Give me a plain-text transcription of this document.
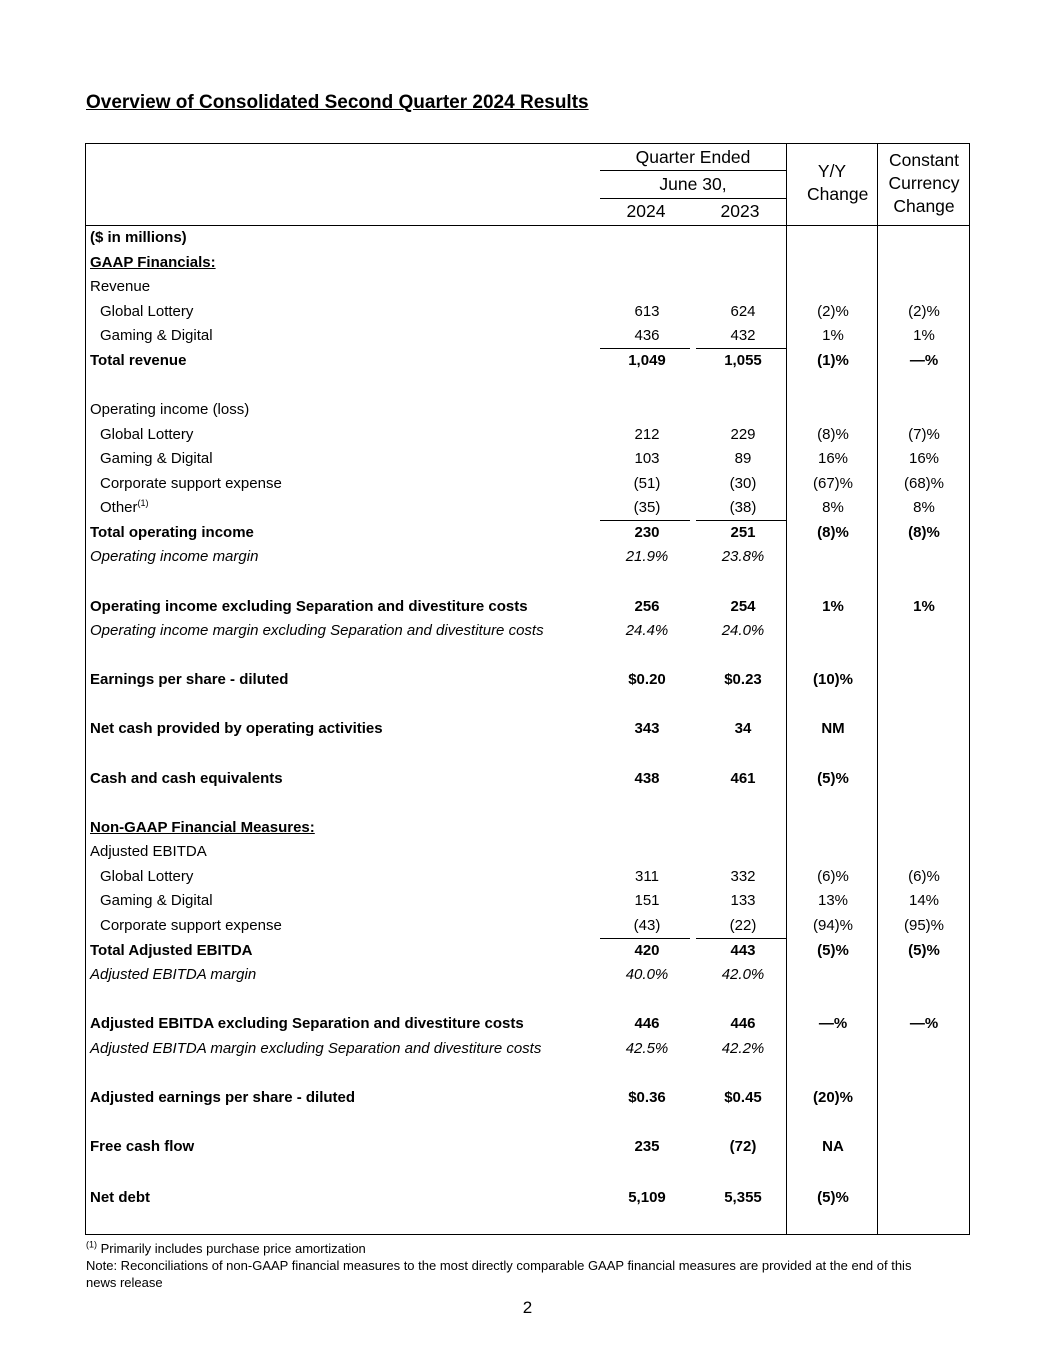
Overview of Consolidated Second Quarter 2024 Results
Quarter Ended
June 30,
2024	2023
Y/Y Change
Constant Currency Change
($ in millions)
GAAP Financials:
Revenue
Global Lottery	613	624	(2)%	(2)%
Gaming & Digital	436	432	1%	1%
Total revenue	1,049	1,055	(1)%	—%
Operating income (loss)
Global Lottery	212	229	(8)%	(7)%
Gaming & Digital	103	89	16%	16%
Corporate support expense	(51)	(30)	(67)%	(68)%
Other$^{(1)}$	(35)	(38)	8%	8%
Total operating income	230	251	(8)%	(8)%
Operating income margin	21.9%	23.8%
Operating income excluding Separation and divestiture costs	256	254	1%	1%
Operating income margin excluding Separation and divestiture costs	24.4%	24.0%
Earnings per share - diluted	$0.20	$0.23	(10)%
Net cash provided by operating activities	343	34	NM
Cash and cash equivalents	438	461	(5)%
Non-GAAP Financial Measures:
Adjusted EBITDA
Global Lottery	311	332	(6)%	(6)%
Gaming & Digital	151	133	13%	14%
Corporate support expense	(43)	(22)	(94)%	(95)%
Total Adjusted EBITDA	420	443	(5)%	(5)%
Adjusted EBITDA margin	40.0%	42.0%
Adjusted EBITDA excluding Separation and divestiture costs	446	446	—%	—%
Adjusted EBITDA margin excluding Separation and divestiture costs	42.5%	42.2%
Adjusted earnings per share - diluted	$0.36	$0.45	(20)%
Free cash flow	235	(72)	NA
Net debt	5,109	5,355	(5)%
$^{(1)}$ Primarily includes purchase price amortization
Note: Reconciliations of non-GAAP financial measures to the most directly comparable GAAP financial measures are provided at the end of this
news release
2
